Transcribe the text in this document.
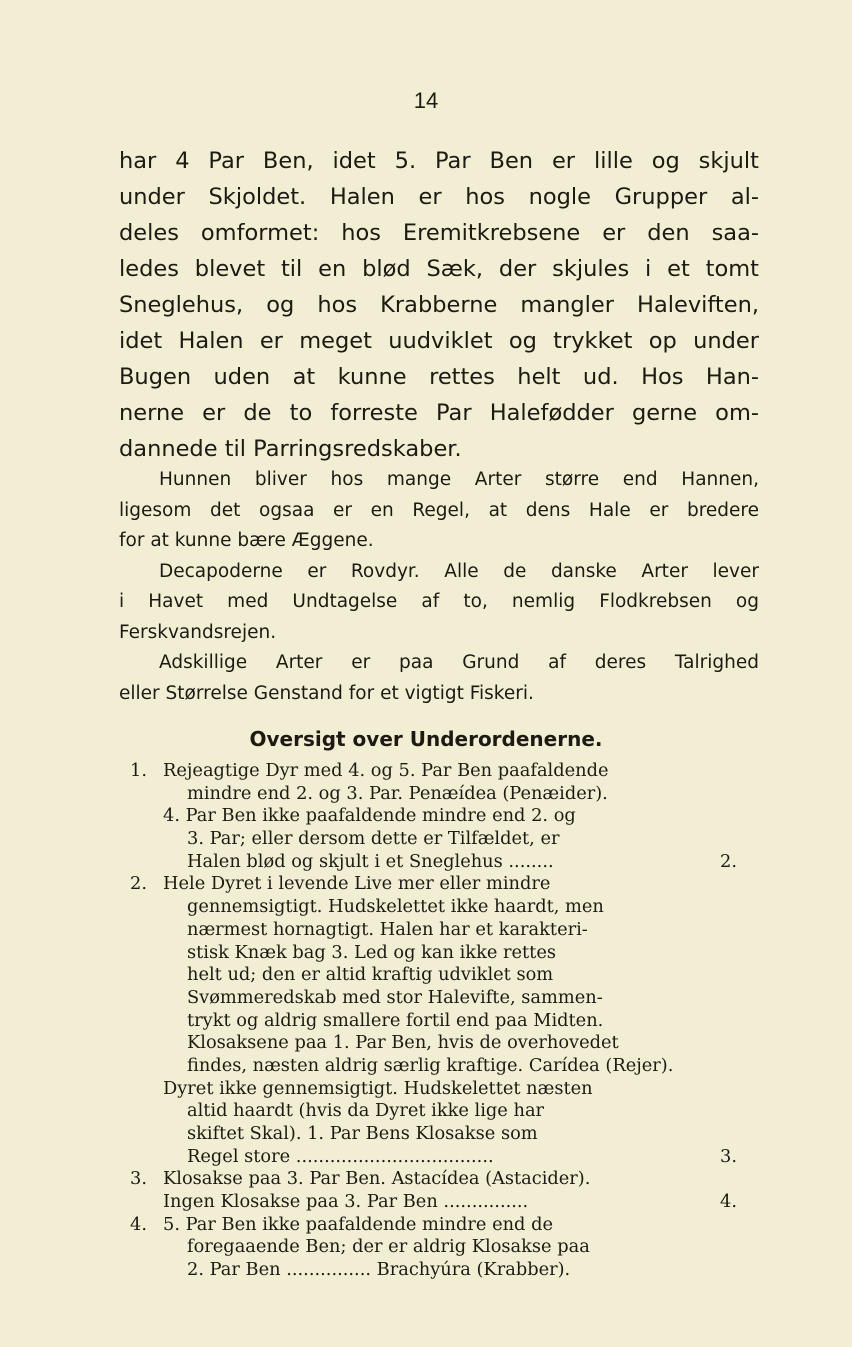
14

har 4 Par Ben, idet 5. Par Ben er lille og skjult
under Skjoldet. Halen er hos nogle Grupper al-
deles omformet: hos Eremitkrebsene er den saa-
ledes blevet til en blød Sæk, der skjules i et tomt
Sneglehus, og hos Krabberne mangler Haleviften,
idet Halen er meget uudviklet og trykket op under
Bugen uden at kunne rettes helt ud. Hos Han-
nerne er de to forreste Par Halefødder gerne om-
dannede til Parringsredskaber.

Hunnen bliver hos mange Arter større end Hannen,
ligesom det ogsaa er en Regel, at dens Hale er bredere
for at kunne bære Æggene.
Decapoderne er Rovdyr. Alle de danske Arter lever
i Havet med Undtagelse af to, nemlig Flodkrebsen og
Ferskvandsrejen.
Adskillige Arter er paa Grund af deres Talrighed
eller Størrelse Genstand for et vigtigt Fiskeri.
Oversigt over Underordenerne.
1. Rejeagtige Dyr med 4. og 5. Par Ben paafaldende
mindre end 2. og 3. Par. Penæídea (Penæider).
4. Par Ben ikke paafaldende mindre end 2. og
3. Par; eller dersom dette er Tilfældet, er
Halen blød og skjult i et Sneglehus ........	2.
2. Hele Dyret i levende Live mer eller mindre
gennemsigtigt. Hudskelettet ikke haardt, men
nærmest hornagtigt. Halen har et karakteri-
stisk Knæk bag 3. Led og kan ikke rettes
helt ud; den er altid kraftig udviklet som
Svømmeredskab med stor Halevifte, sammen-
trykt og aldrig smallere fortil end paa Midten.
Klosaksene paa 1. Par Ben, hvis de overhovedet
findes, næsten aldrig særlig kraftige. Carídea (Rejer).
Dyret ikke gennemsigtigt. Hudskelettet næsten
altid haardt (hvis da Dyret ikke lige har
skiftet Skal). 1. Par Bens Klosakse som
Regel store ...................................	3.
3. Klosakse paa 3. Par Ben. Astacídea (Astacider).
Ingen Klosakse paa 3. Par Ben ...............	4.
4. 5. Par Ben ikke paafaldende mindre end de
foregaaende Ben; der er aldrig Klosakse paa
2. Par Ben ............... Brachyúra (Krabber).
